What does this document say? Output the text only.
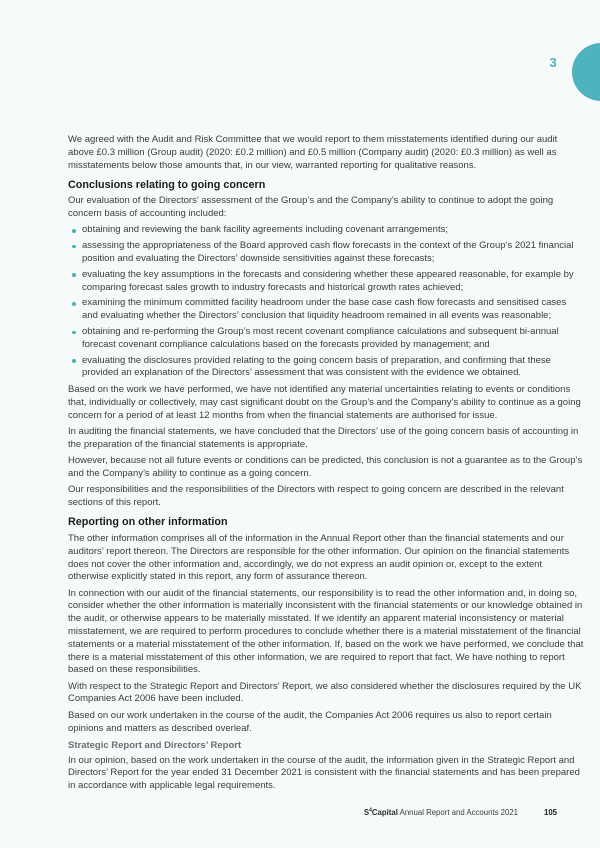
3

We agreed with the Audit and Risk Committee that we would report to them misstatements identified during our audit above £0.3 million (Group audit) (2020: £0.2 million) and £0.5 million (Company audit) (2020: £0.3 million) as well as misstatements below those amounts that, in our view, warranted reporting for qualitative reasons.

Conclusions relating to going concern

Our evaluation of the Directors’ assessment of the Group’s and the Company’s ability to continue to adopt the going concern basis of accounting included:

obtaining and reviewing the bank facility agreements including covenant arrangements;
assessing the appropriateness of the Board approved cash flow forecasts in the context of the Group’s 2021 financial position and evaluating the Directors’ downside sensitivities against these forecasts;
evaluating the key assumptions in the forecasts and considering whether these appeared reasonable, for example by comparing forecast sales growth to industry forecasts and historical growth rates achieved;
examining the minimum committed facility headroom under the base case cash flow forecasts and sensitised cases and evaluating whether the Directors’ conclusion that liquidity headroom remained in all events was reasonable;
obtaining and re-performing the Group’s most recent covenant compliance calculations and subsequent bi-annual forecast covenant compliance calculations based on the forecasts provided by management; and
evaluating the disclosures provided relating to the going concern basis of preparation, and confirming that these provided an explanation of the Directors’ assessment that was consistent with the evidence we obtained.

Based on the work we have performed, we have not identified any material uncertainties relating to events or conditions that, individually or collectively, may cast significant doubt on the Group’s and the Company’s ability to continue as a going concern for a period of at least 12 months from when the financial statements are authorised for issue.

In auditing the financial statements, we have concluded that the Directors’ use of the going concern basis of accounting in the preparation of the financial statements is appropriate.

However, because not all future events or conditions can be predicted, this conclusion is not a guarantee as to the Group’s and the Company’s ability to continue as a going concern.

Our responsibilities and the responsibilities of the Directors with respect to going concern are described in the relevant sections of this report.

Reporting on other information

The other information comprises all of the information in the Annual Report other than the financial statements and our auditors’ report thereon. The Directors are responsible for the other information. Our opinion on the financial statements does not cover the other information and, accordingly, we do not express an audit opinion or, except to the extent otherwise explicitly stated in this report, any form of assurance thereon.

In connection with our audit of the financial statements, our responsibility is to read the other information and, in doing so, consider whether the other information is materially inconsistent with the financial statements or our knowledge obtained in the audit, or otherwise appears to be materially misstated. If we identify an apparent material inconsistency or material misstatement, we are required to perform procedures to conclude whether there is a material misstatement of the financial statements or a material misstatement of the other information. If, based on the work we have performed, we conclude that there is a material misstatement of this other information, we are required to report that fact. We have nothing to report based on these responsibilities.

With respect to the Strategic Report and Directors’ Report, we also considered whether the disclosures required by the UK Companies Act 2006 have been included.

Based on our work undertaken in the course of the audit, the Companies Act 2006 requires us also to report certain opinions and matters as described overleaf.

Strategic Report and Directors’ Report

In our opinion, based on the work undertaken in the course of the audit, the information given in the Strategic Report and Directors’ Report for the year ended 31 December 2021 is consistent with the financial statements and has been prepared in accordance with applicable legal requirements.

$S^4Capital$ Annual Report and Accounts 2021	105
